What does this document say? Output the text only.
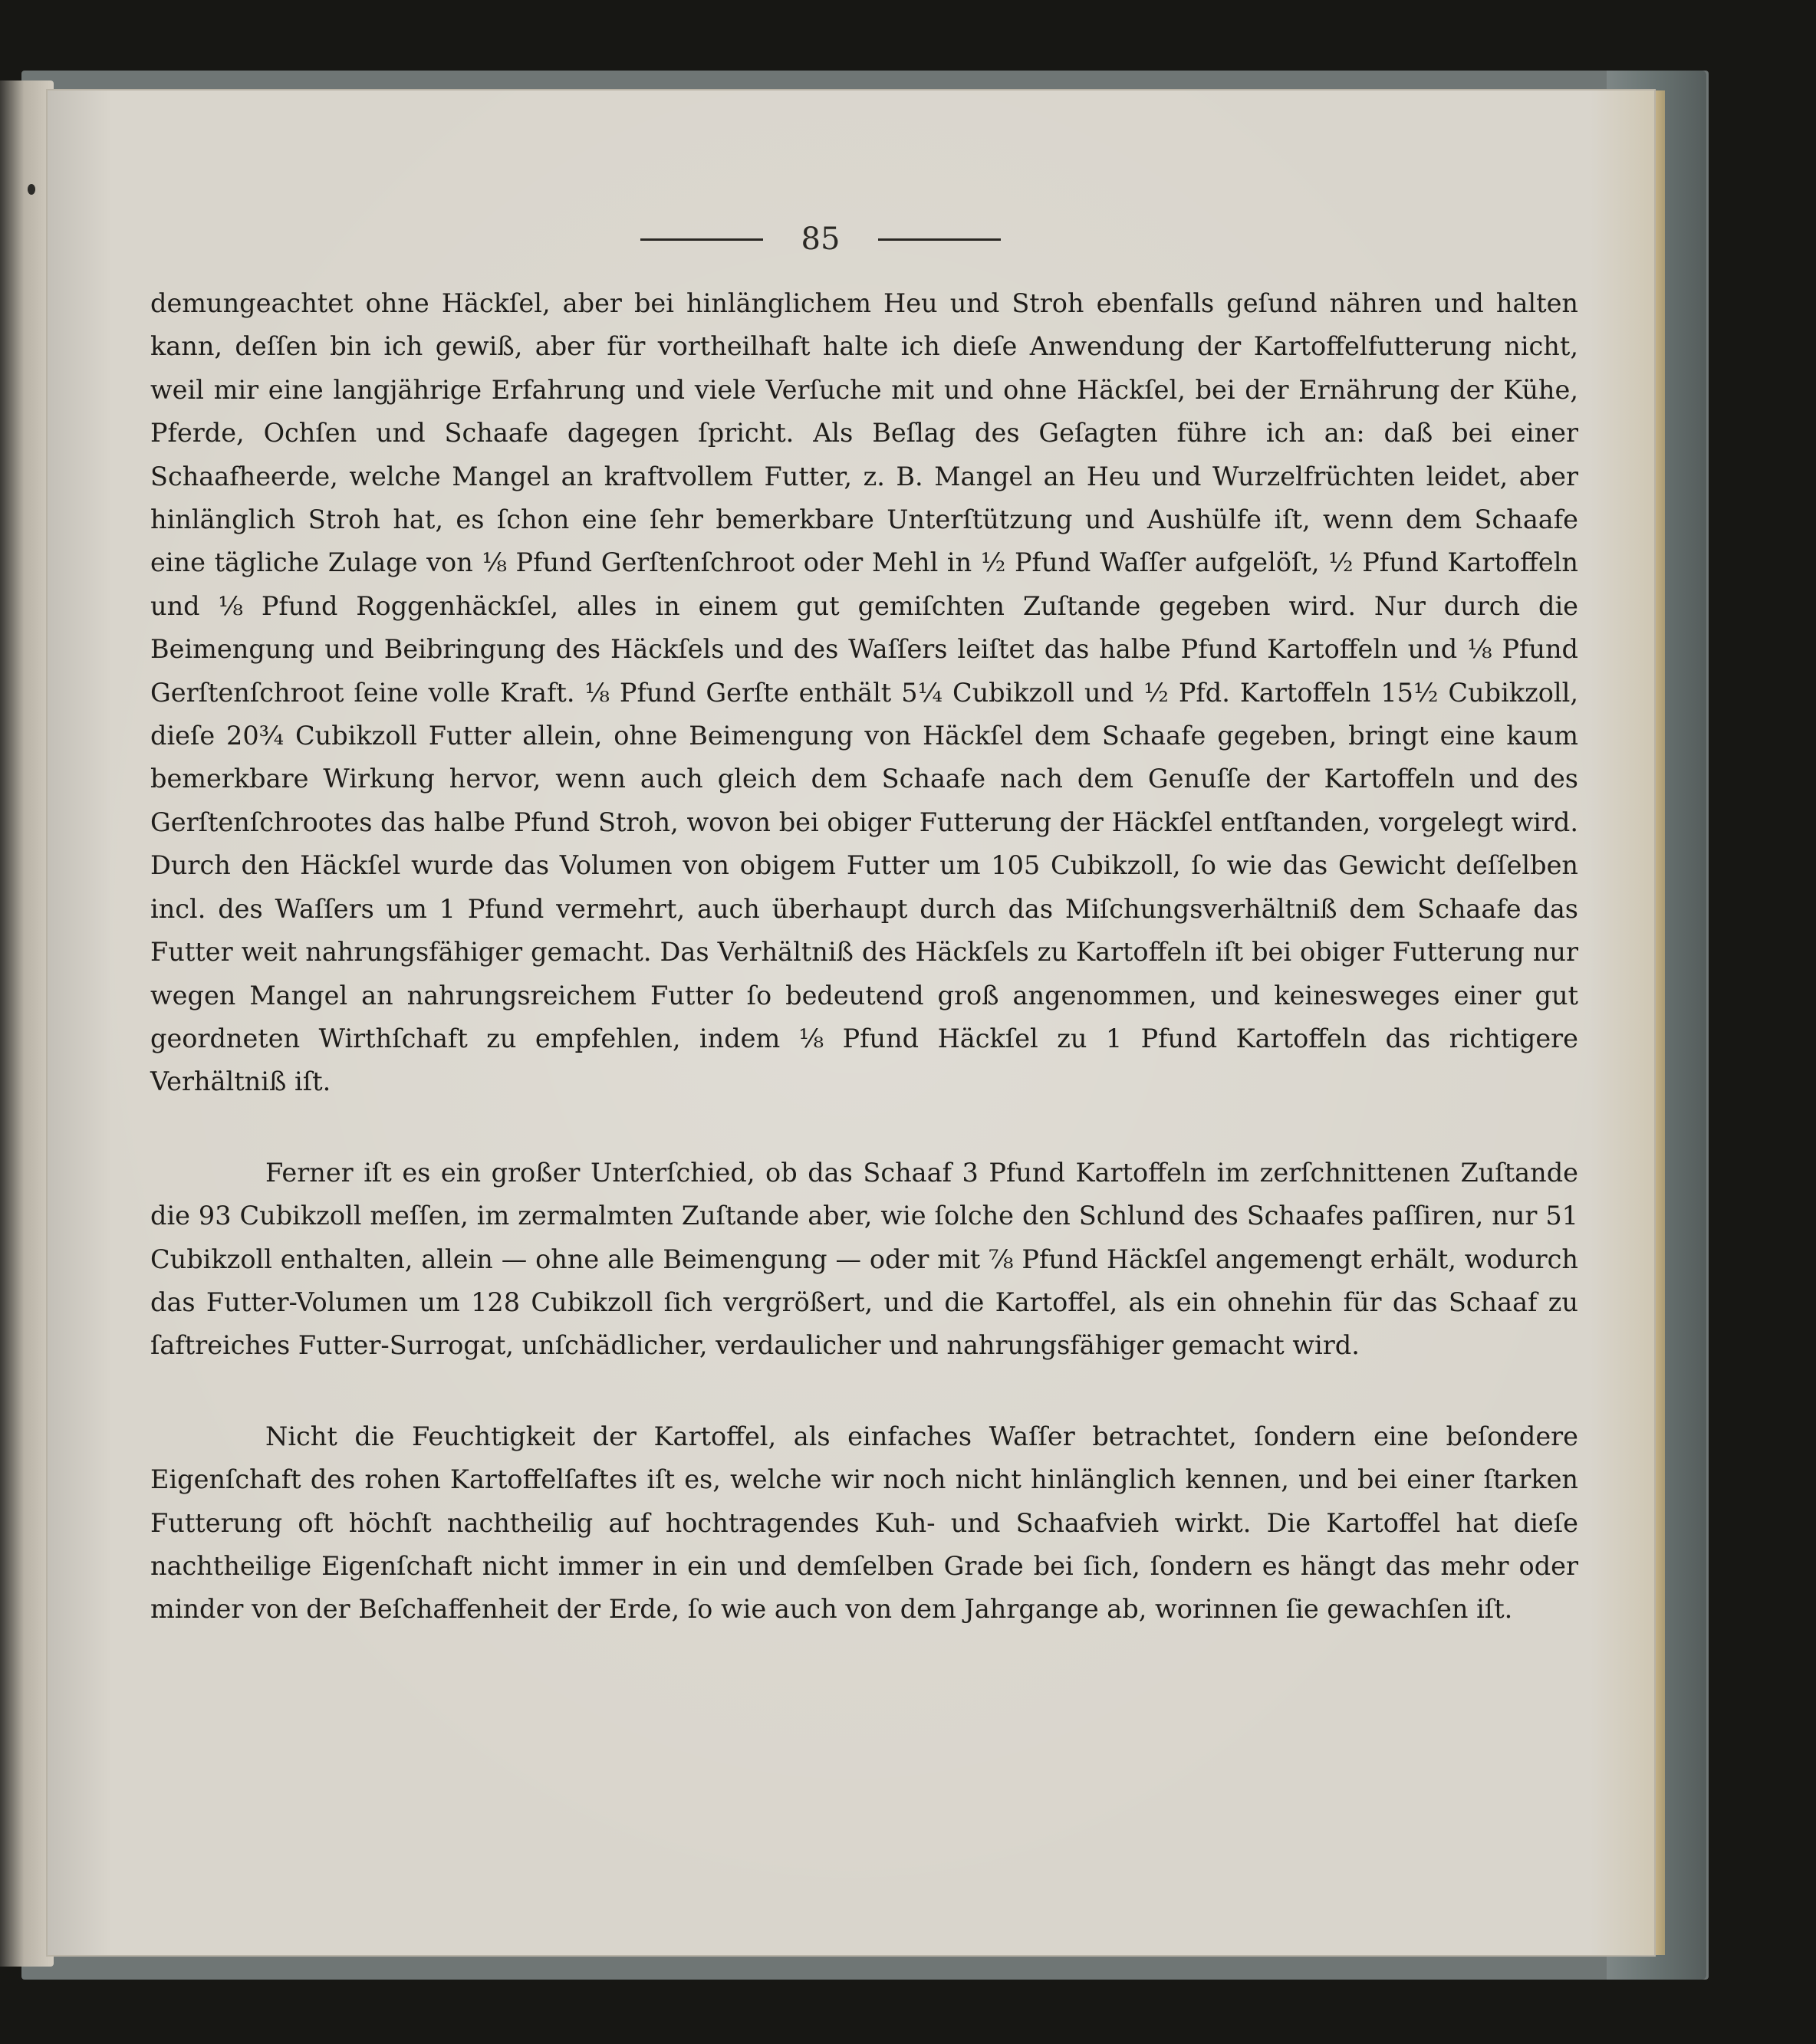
85

demungeachtet ohne Häckſel, aber bei hinlänglichem Heu und Stroh ebenfalls geſund nähren und halten kann, deſſen bin ich gewiß, aber für vortheilhaft halte ich dieſe Anwendung der Kartoffelfutterung nicht, weil mir eine langjährige Erfahrung und viele Verſuche mit und ohne Häckſel, bei der Ernährung der Kühe, Pferde, Ochſen und Schaafe dagegen ſpricht. Als Beſlag des Geſagten führe ich an: daß bei einer Schaafheerde, welche Mangel an kraftvollem Futter, z. B. Mangel an Heu und Wurzelfrüchten leidet, aber hinlänglich Stroh hat, es ſchon eine ſehr bemerkbare Unterſtützung und Aushülfe iſt, wenn dem Schaafe eine tägliche Zulage von ⅛ Pfund Gerſtenſchroot oder Mehl in ½ Pfund Waſſer aufgelöſt, ½ Pfund Kartoffeln und ⅛ Pfund Roggenhäckſel, alles in einem gut gemiſchten Zuſtande gegeben wird. Nur durch die Beimengung und Beibringung des Häckſels und des Waſſers leiſtet das halbe Pfund Kartoffeln und ⅛ Pfund Gerſtenſchroot ſeine volle Kraft. ⅛ Pfund Gerſte enthält 5¼ Cubikzoll und ½ Pfd. Kartoffeln 15½ Cubikzoll, dieſe 20¾ Cubikzoll Futter allein, ohne Beimengung von Häckſel dem Schaafe gegeben, bringt eine kaum bemerkbare Wirkung hervor, wenn auch gleich dem Schaafe nach dem Genuſſe der Kartoffeln und des Gerſtenſchrootes das halbe Pfund Stroh, wovon bei obiger Futterung der Häckſel entſtanden, vorgelegt wird. Durch den Häckſel wurde das Volumen von obigem Futter um 105 Cubikzoll, ſo wie das Gewicht deſſelben incl. des Waſſers um 1 Pfund vermehrt, auch überhaupt durch das Miſchungsverhältniß dem Schaafe das Futter weit nahrungsfähiger gemacht. Das Verhältniß des Häckſels zu Kartoffeln iſt bei obiger Futterung nur wegen Mangel an nahrungsreichem Futter ſo bedeutend groß angenommen, und keinesweges einer gut geordneten Wirthſchaft zu empfehlen, indem ⅛ Pfund Häckſel zu 1 Pfund Kartoffeln das richtigere Verhältniß iſt.

Ferner iſt es ein großer Unterſchied, ob das Schaaf 3 Pfund Kartoffeln im zerſchnittenen Zuſtande die 93 Cubikzoll meſſen, im zermalmten Zuſtande aber, wie ſolche den Schlund des Schaafes paſſiren, nur 51 Cubikzoll enthalten, allein — ohne alle Beimengung — oder mit ⅞ Pfund Häckſel angemengt erhält, wodurch das Futter-Volumen um 128 Cubikzoll ſich vergrößert, und die Kartoffel, als ein ohnehin für das Schaaf zu ſaftreiches Futter-Surrogat, unſchädlicher, verdaulicher und nahrungsfähiger gemacht wird.

Nicht die Feuchtigkeit der Kartoffel, als einfaches Waſſer betrachtet, ſondern eine beſondere Eigenſchaft des rohen Kartoffelſaftes iſt es, welche wir noch nicht hinlänglich kennen, und bei einer ſtarken Futterung oft höchſt nachtheilig auf hochtragendes Kuh- und Schaafvieh wirkt. Die Kartoffel hat dieſe nachtheilige Eigenſchaft nicht immer in ein und demſelben Grade bei ſich, ſondern es hängt das mehr oder minder von der Beſchaffenheit der Erde, ſo wie auch von dem Jahrgange ab, worinnen ſie gewachſen iſt.
